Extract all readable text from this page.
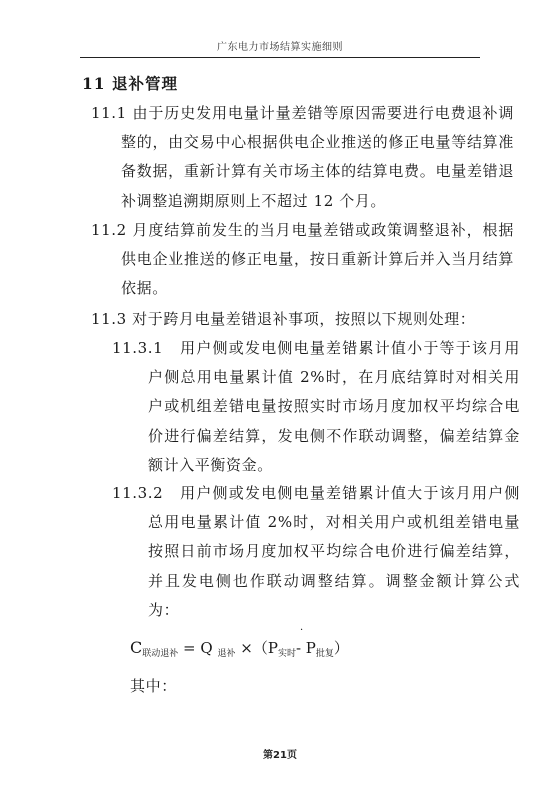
广东电力市场结算实施细则
11 退补管理

11.1 由于历史发用电量计量差错等原因需要进行电费退补调整的，由交易中心根据供电企业推送的修正电量等结算准备数据，重新计算有关市场主体的结算电费。电量差错退补调整追溯期原则上不超过 12 个月。

11.2 月度结算前发生的当月电量差错或政策调整退补，根据供电企业推送的修正电量，按日重新计算后并入当月结算依据。

11.3 对于跨月电量差错退补事项，按照以下规则处理：

11.3.1　用户侧或发电侧电量差错累计值小于等于该月用户侧总用电量累计值 2%时，在月底结算时对相关用户或机组差错电量按照实时市场月度加权平均综合电价进行偏差结算，发电侧不作联动调整，偏差结算金额计入平衡资金。

11.3.2　用户侧或发电侧电量差错累计值大于该月用户侧总用电量累计值 2%时，对相关用户或机组差错电量按照日前市场月度加权平均综合电价进行偏差结算，并且发电侧也作联动调整结算。调整金额计算公式为：

$C_{联动退补} = Q$ $_{退补} \times(P_{实时}\cdot - P_{批复})$
其中：
第21页
